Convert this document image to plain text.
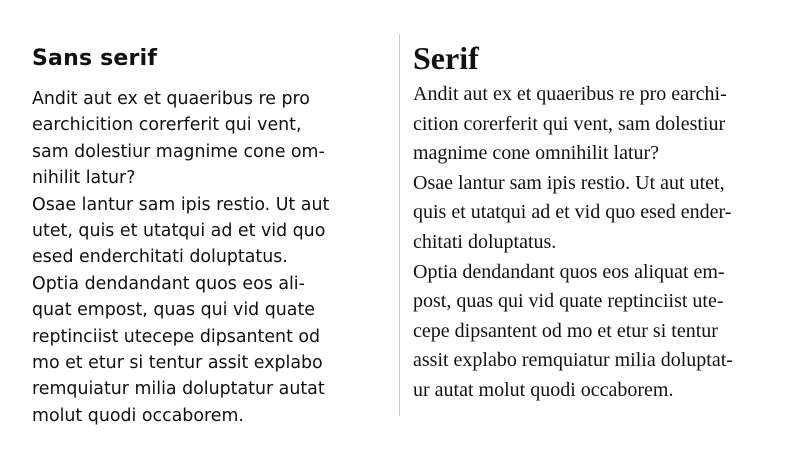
Sans serif
Andit aut ex et quaeribus re pro
earchicition corerferit qui vent,
sam dolestiur magnime cone om-
nihilit latur?
Osae lantur sam ipis restio. Ut aut
utet, quis et utatqui ad et vid quo
esed enderchitati doluptatus.
Optia dendandant quos eos ali-
quat empost, quas qui vid quate
reptinciist utecepe dipsantent od
mo et etur si tentur assit explabo
remquiatur milia doluptatur autat
molut quodi occaborem.
Serif
Andit aut ex et quaeribus re pro earchi-
cition corerferit qui vent, sam dolestiur
magnime cone omnihilit latur?
Osae lantur sam ipis restio. Ut aut utet,
quis et utatqui ad et vid quo esed ender-
chitati doluptatus.
Optia dendandant quos eos aliquat em-
post, quas qui vid quate reptinciist ute-
cepe dipsantent od mo et etur si tentur
assit explabo remquiatur milia doluptat-
ur autat molut quodi occaborem.
